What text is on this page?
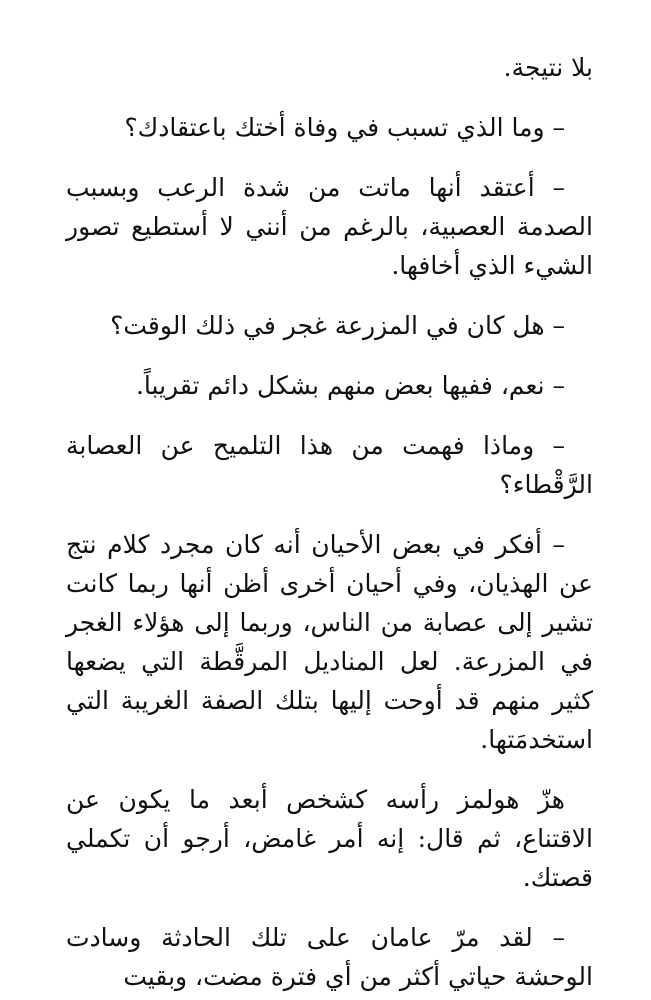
بلا نتيجة.

– وما الذي تسبب في وفاة أختك باعتقادك؟

– أعتقد أنها ماتت من شدة الرعب وبسبب الصدمة العصبية، بالرغم من أنني لا أستطيع تصور الشيء الذي أخافها.

– هل كان في المزرعة غجر في ذلك الوقت؟

– نعم، ففيها بعض منهم بشكل دائم تقريباً.

– وماذا فهمت من هذا التلميح عن العصابة الرَّقْطاء؟

– أفكر في بعض الأحيان أنه كان مجرد كلام نتج عن الهذيان، وفي أحيان أخرى أظن أنها ربما كانت تشير إلى عصابة من الناس، وربما إلى هؤلاء الغجر في المزرعة. لعل المناديل المرقَّطة التي يضعها كثير منهم قد أوحت إليها بتلك الصفة الغريبة التي استخدمَتها.

هزّ هولمز رأسه كشخص أبعد ما يكون عن الاقتناع، ثم قال: إنه أمر غامض، أرجو أن تكملي قصتك.

– لقد مرّ عامان على تلك الحادثة وسادت الوحشة حياتي أكثر من أي فترة مضت، وبقيت
